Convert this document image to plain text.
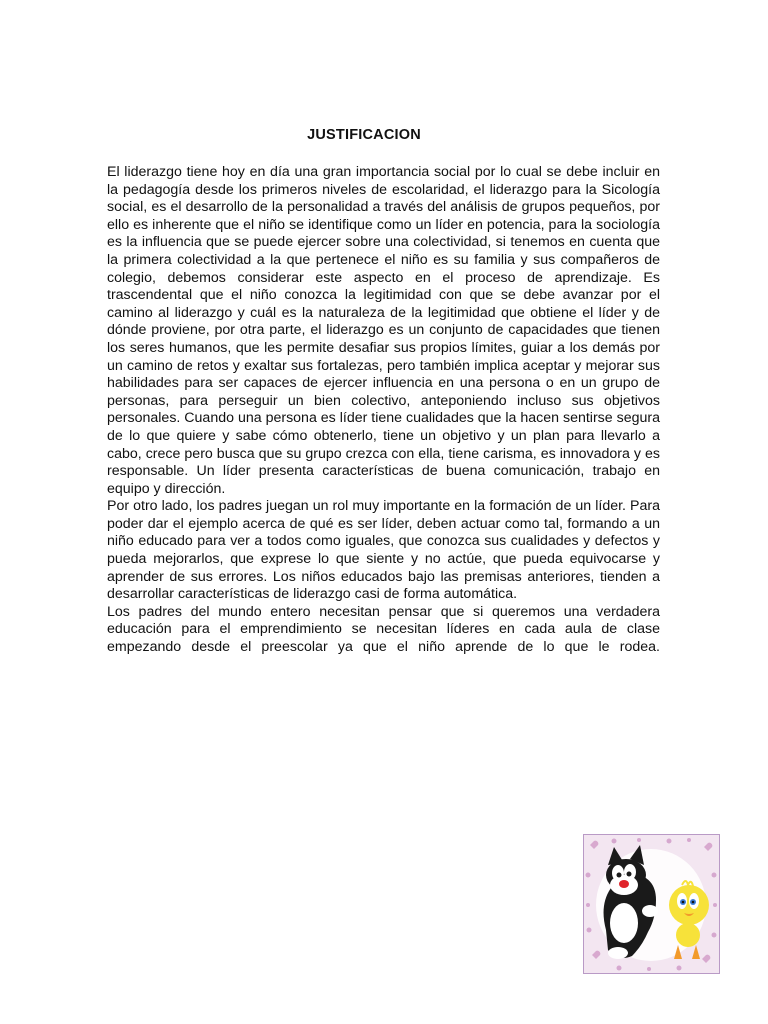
JUSTIFICACION

El liderazgo tiene hoy en día una gran importancia social por lo cual se debe incluir en la pedagogía desde los primeros niveles de escolaridad, el liderazgo para la Sicología social, es el desarrollo de la personalidad a través del análisis de grupos pequeños, por ello es inherente que el niño se identifique como un líder en potencia, para la sociología es la influencia que se puede ejercer sobre una colectividad, si tenemos en cuenta que la primera colectividad a la que pertenece el niño es su familia y sus compañeros de colegio, debemos considerar este aspecto en el proceso de aprendizaje. Es trascendental que el niño conozca la legitimidad con que se debe avanzar por el camino al liderazgo y cuál es la naturaleza de la legitimidad que obtiene el líder y de dónde proviene, por otra parte, el liderazgo es un conjunto de capacidades que tienen los seres humanos, que les permite desafiar sus propios límites, guiar a los demás por un camino de retos y exaltar sus fortalezas, pero también implica aceptar y mejorar sus habilidades para ser capaces de ejercer influencia en una persona o en un grupo de personas, para perseguir un bien colectivo, anteponiendo incluso sus objetivos personales. Cuando una persona es líder tiene cualidades que la hacen sentirse segura de lo que quiere y sabe cómo obtenerlo, tiene un objetivo y un plan para llevarlo a cabo, crece pero busca que su grupo crezca con ella, tiene carisma, es innovadora y es responsable. Un líder presenta características de buena comunicación, trabajo en equipo y dirección.

Por otro lado, los padres juegan un rol muy importante en la formación de un líder. Para poder dar el ejemplo acerca de qué es ser líder, deben actuar como tal, formando a un niño educado para ver a todos como iguales, que conozca sus cualidades y defectos y pueda mejorarlos, que exprese lo que siente y no actúe, que pueda equivocarse y aprender de sus errores. Los niños educados bajo las premisas anteriores, tienden a desarrollar características de liderazgo casi de forma automática.

Los padres del mundo entero necesitan pensar que si queremos una verdadera educación para el emprendimiento se necesitan líderes en cada aula de clase empezando desde el preescolar ya que el niño aprende de lo que le rodea.
